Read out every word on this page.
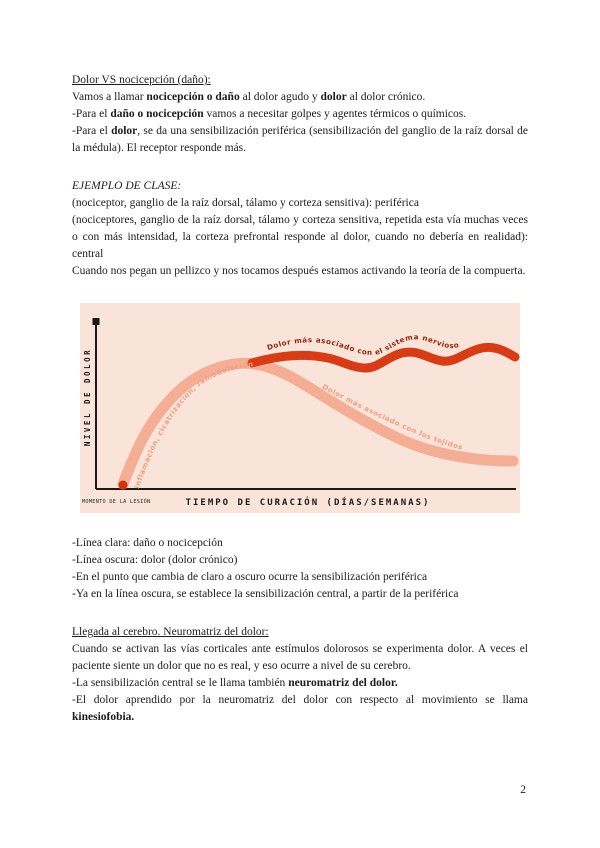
Dolor VS nocicepción (daño):

Vamos a llamar nocicepción o daño al dolor agudo y dolor al dolor crónico.

-Para el daño o nocicepción vamos a necesitar golpes y agentes térmicos o químicos.

-Para el dolor, se da una sensibilización periférica (sensibilización del ganglio de la raíz dorsal de la médula). El receptor responde más.

EJEMPLO DE CLASE:

(nociceptor, ganglio de la raíz dorsal, tálamo y corteza sensitiva): periférica

(nociceptores, ganglio de la raíz dorsal, tálamo y corteza sensitiva, repetida esta vía muchas veces o con más intensidad, la corteza prefrontal responde al dolor, cuando no debería en realidad): central

Cuando nos pegan un pellizco y nos tocamos después estamos activando la teoría de la compuerta.

NIVEL DE DOLOR
TIEMPO DE CURACIÓN (DÍAS/SEMANAS)
MOMENTO DE LA LESIÓN
inflamación, cicatrización, remodelación
Dolor más asociado con los tejidos
Dolor más asociado con el sistema nervioso

-Línea clara: daño o nocicepción

-Línea oscura: dolor (dolor crónico)

-En el punto que cambia de claro a oscuro ocurre la sensibilización periférica

-Ya en la línea oscura, se establece la sensibilización central, a partir de la periférica

Llegada al cerebro. Neuromatriz del dolor:

Cuando se activan las vías corticales ante estímulos dolorosos se experimenta dolor. A veces el paciente siente un dolor que no es real, y eso ocurre a nivel de su cerebro.

-La sensibilización central se le llama también neuromatriz del dolor.

-El dolor aprendido por la neuromatriz del dolor con respecto al movimiento se llama kinesiofobia.

2
